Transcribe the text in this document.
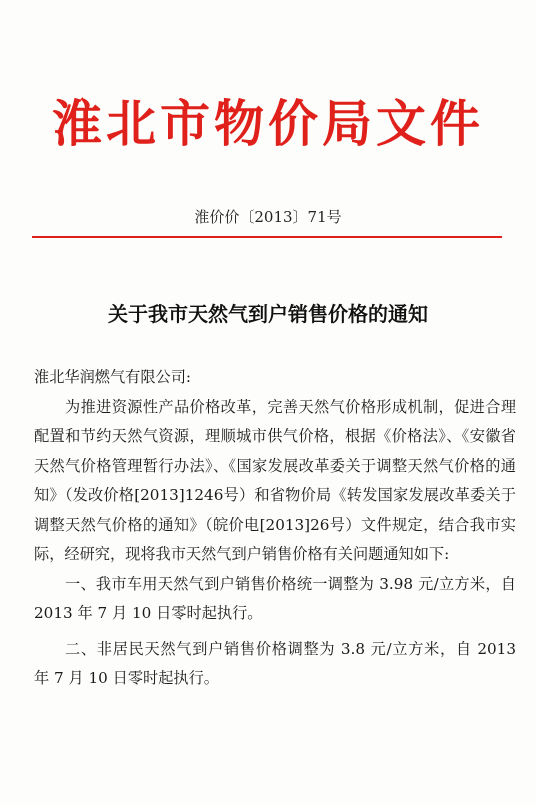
淮北市物价局文件
淮价价〔2013〕71号
关于我市天然气到户销售价格的通知

淮北华润燃气有限公司:

为推进资源性产品价格改革，完善天然气价格形成机制，促进合理配置和节约天然气资源，理顺城市供气价格，根据《价格法》、《安徽省天然气价格管理暂行办法》、《国家发展改革委关于调整天然气价格的通知》（发改价格[2013]1246号）和省物价局《转发国家发展改革委关于调整天然气价格的通知》（皖价电[2013]26号）文件规定，结合我市实际，经研究，现将我市天然气到户销售价格有关问题通知如下:

一、我市车用天然气到户销售价格统一调整为 3.98 元/立方米，自 2013 年 7 月 10 日零时起执行。

二、非居民天然气到户销售价格调整为 3.8 元/立方米，自 2013 年 7 月 10 日零时起执行。
